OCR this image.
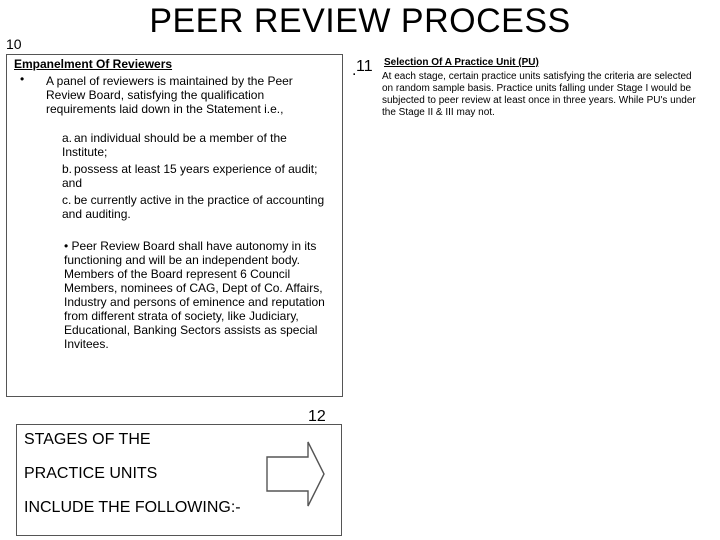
10
PEER REVIEW PROCESS
Empanelment Of Reviewers
• A panel of reviewers is maintained by the Peer Review Board, satisfying the qualification requirements laid down in the Statement i.e.,
a. an individual should be a member of the Institute;
b. possess at least 15 years experience of audit; and
c. be currently active in the practice of accounting and auditing.
• Peer Review Board shall have autonomy in its functioning and will be an independent body. Members of the Board represent 6 Council Members, nominees of CAG, Dept of Co. Affairs, Industry and persons of eminence and reputation from different strata of society, like Judiciary, Educational, Banking Sectors assists as special Invitees.
. 11 Selection Of A Practice Unit (PU)
At each stage, certain practice units satisfying the criteria are selected on random sample basis. Practice units falling under Stage I would be subjected to peer review at least once in three years. While PU's under the Stage II & III may not.
12
STAGES OF THE
PRACTICE UNITS
INCLUDE THE FOLLOWING:-
